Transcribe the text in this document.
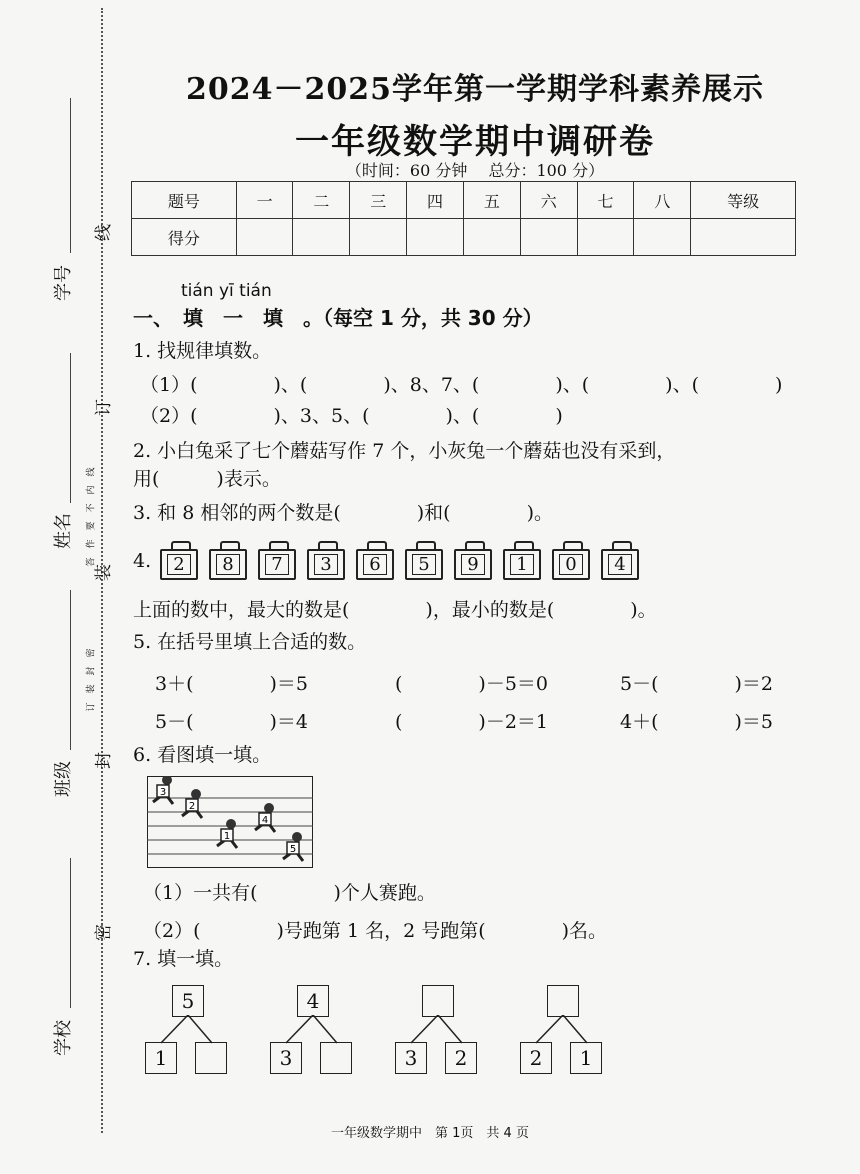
学号
姓名
班级
学校
线
订
装
封
密
答　作　要　不　内　线
订　装　封　密
2024－2025学年第一学期学科素养展示
一年级数学期中调研卷
（时间：60 分钟　 总分：100 分）
题号	一	二	三	四	五	六	七	八	等级
得分									
tián yī tián
一、　填　一　填　。（每空 1 分，共 30 分）
1. 找规律填数。
（1）(　　　　)、(　　　　)、8、7、(　　　　)、(　　　　)、(　　　　)
（2）(　　　　)、3、5、(　　　　)、(　　　　)
2. 小白兔采了七个蘑菇写作 7 个，小灰兔一个蘑菇也没有采到，
用(　　　)表示。
3. 和 8 相邻的两个数是(　　　　)和(　　　　)。
4.	2	8	7	3	6	5	9	1	0	4
上面的数中，最大的数是(　　　　)，最小的数是(　　　　)。
5. 在括号里填上合适的数。
3＋(　　　　)＝5	(　　　　)－5＝0	5－(　　　　)＝2
5－(　　　　)＝4	(　　　　)－2＝1	4＋(　　　　)＝5
6. 看图填一填。
3
2
1
4
5
（1）一共有(　　　　)个人赛跑。
（2）(　　　　)号跑第 1 名，2 号跑第(　　　　)名。
7. 填一填。
5
1
4
3	3	2	2	1
一年级数学期中　第 1页　共 4 页
